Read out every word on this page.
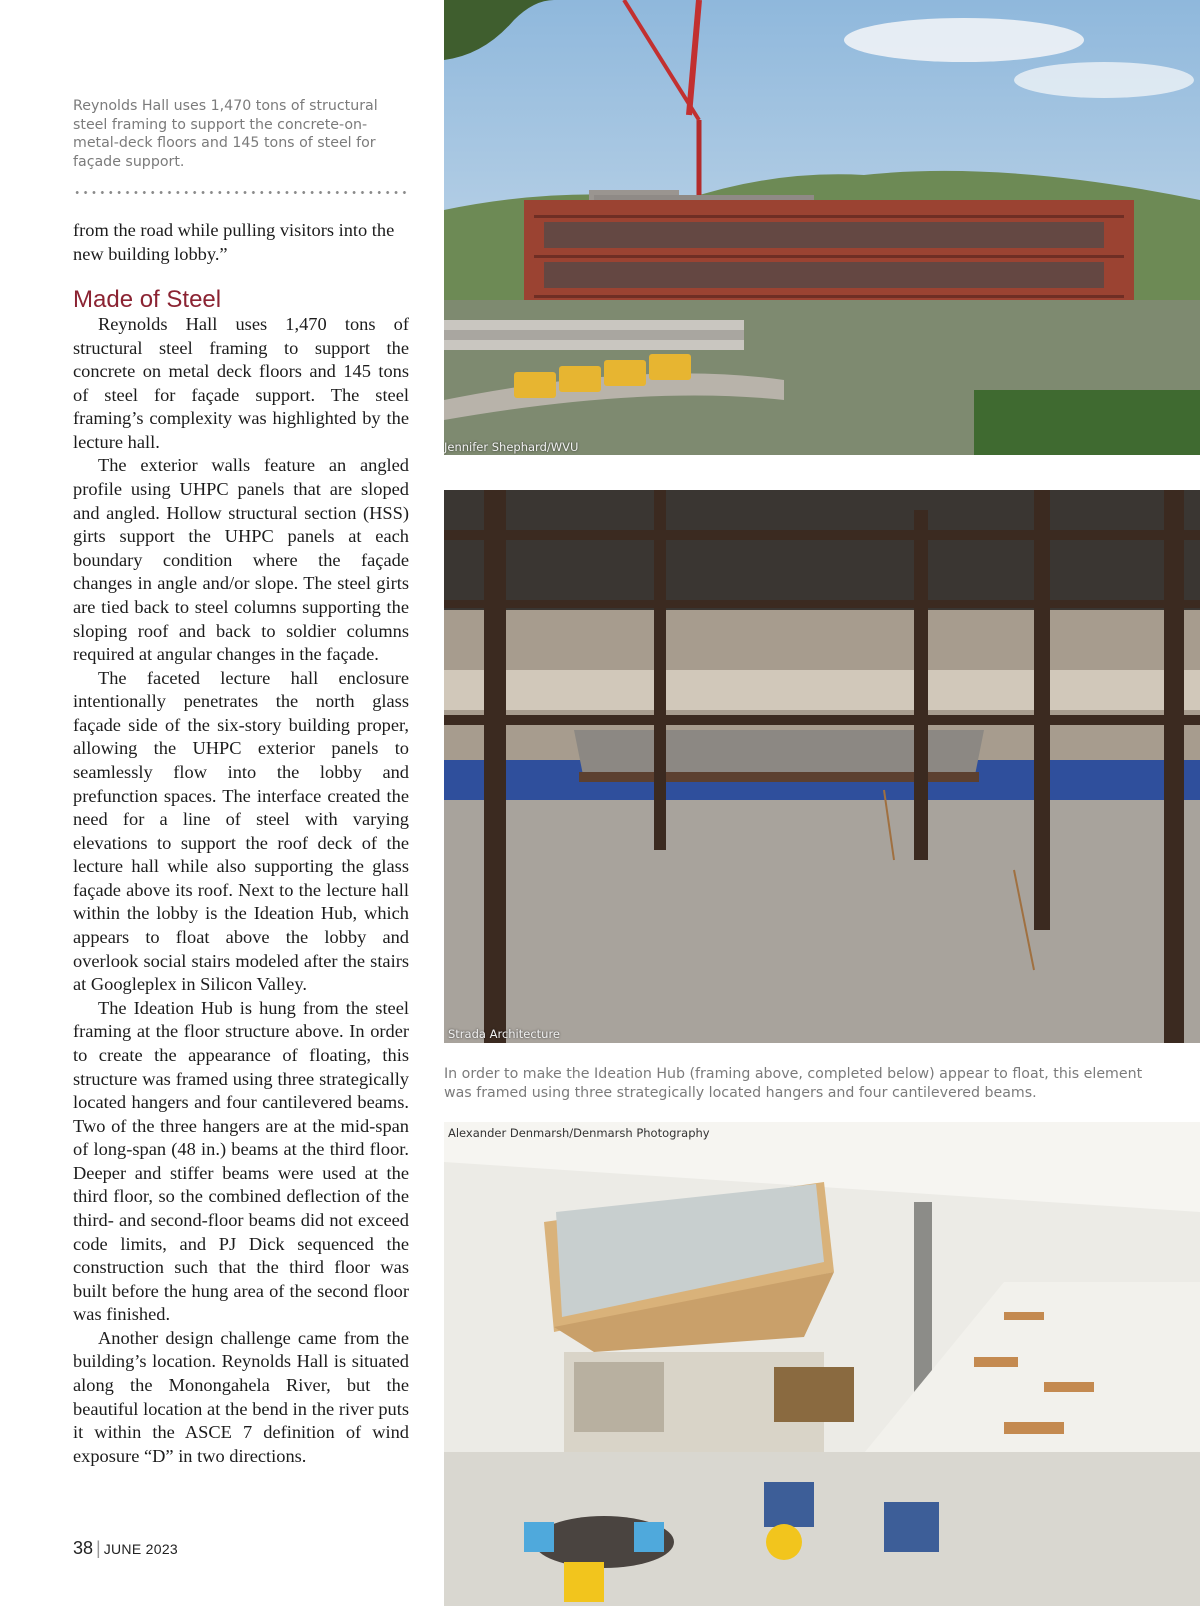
Reynolds Hall uses 1,470 tons of structural steel framing to support the concrete-on-metal-deck floors and 145 tons of steel for façade support.

from the road while pulling visitors into the new building lobby.”

Made of Steel

Reynolds Hall uses 1,470 tons of structural steel framing to support the concrete on metal deck floors and 145 tons of steel for façade support. The steel framing’s complexity was highlighted by the lecture hall.

The exterior walls feature an angled profile using UHPC panels that are sloped and angled. Hollow structural section (HSS) girts support the UHPC panels at each boundary condition where the façade changes in angle and/or slope. The steel girts are tied back to steel columns supporting the sloping roof and back to soldier columns required at angular changes in the façade.

The faceted lecture hall enclosure intentionally penetrates the north glass façade side of the six-story building proper, allowing the UHPC exterior panels to seamlessly flow into the lobby and prefunction spaces. The interface created the need for a line of steel with varying elevations to support the roof deck of the lecture hall while also supporting the glass façade above its roof. Next to the lecture hall within the lobby is the Ideation Hub, which appears to float above the lobby and overlook social stairs modeled after the stairs at Googleplex in Silicon Valley.

The Ideation Hub is hung from the steel framing at the floor structure above. In order to create the appearance of floating, this structure was framed using three strategically located hangers and four cantilevered beams. Two of the three hangers are at the mid-span of long-span (48 in.) beams at the third floor. Deeper and stiffer beams were used at the third floor, so the combined deflection of the third- and second-floor beams did not exceed code limits, and PJ Dick sequenced the construction such that the third floor was built before the hung area of the second floor was finished.

Another design challenge came from the building’s location. Reynolds Hall is situated along the Monongahela River, but the beautiful location at the bend in the river puts it within the ASCE 7 definition of wind exposure “D” in two directions.

38 | JUNE 2023
Jennifer Shephard/WVU
Strada Architecture

In order to make the Ideation Hub (framing above, completed below) appear to float, this element was framed using three strategically located hangers and four cantilevered beams.

Alexander Denmarsh/Denmarsh Photography
